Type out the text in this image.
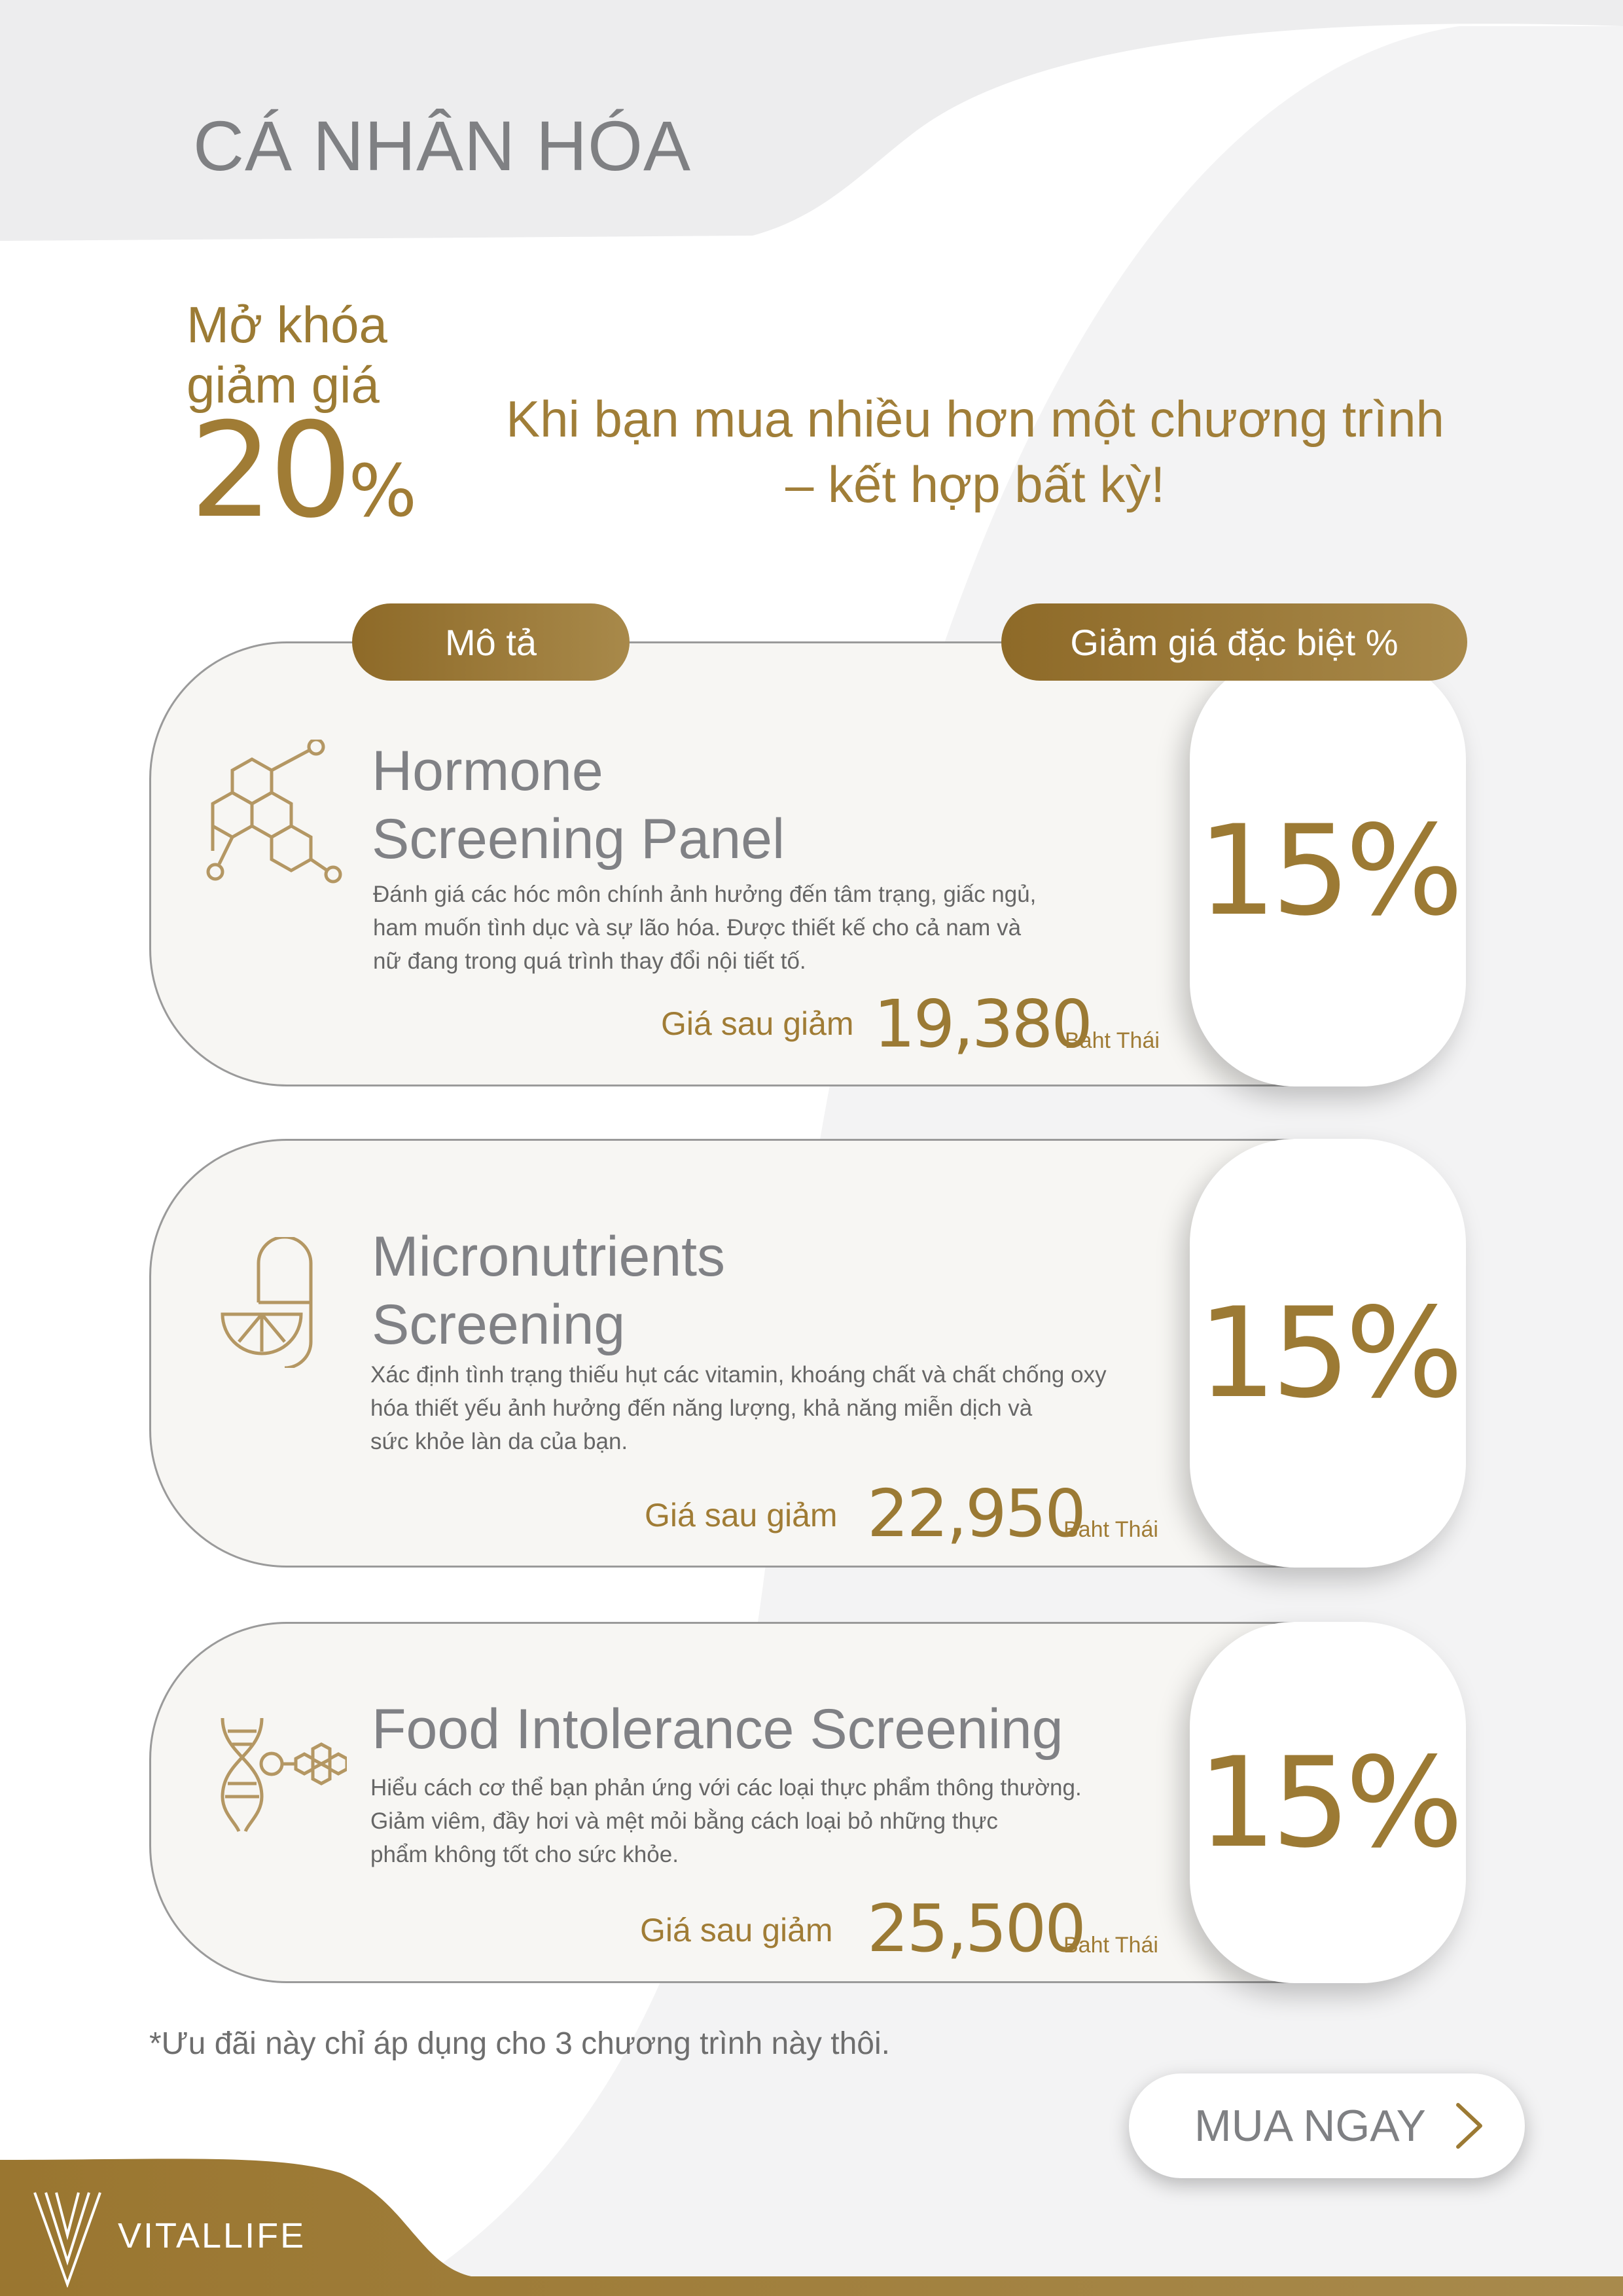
CÁ NHÂN HÓA
Mở khóa
giảm giá
20%
Khi bạn mua nhiều hơn một chương trình
– kết hợp bất kỳ!
Mô tả	Giảm giá đặc biệt %
15%
Hormone
Screening Panel
Đánh giá các hóc môn chính ảnh hưởng đến tâm trạng, giấc ngủ,
ham muốn tình dục và sự lão hóa. Được thiết kế cho cả nam và
nữ đang trong quá trình thay đổi nội tiết tố.
Giá sau giảm 19,380
Baht Thái
15%
Micronutrients
Screening
Xác định tình trạng thiếu hụt các vitamin, khoáng chất và chất chống oxy
hóa thiết yếu ảnh hưởng đến năng lượng, khả năng miễn dịch và
sức khỏe làn da của bạn.
Giá sau giảm 22,950
Baht Thái
15%
Food Intolerance Screening
Hiểu cách cơ thể bạn phản ứng với các loại thực phẩm thông thường.
Giảm viêm, đầy hơi và mệt mỏi bằng cách loại bỏ những thực
phẩm không tốt cho sức khỏe.
Giá sau giảm 25,500
Baht Thái
*Ưu đãi này chỉ áp dụng cho 3 chương trình này thôi.
MUA NGAY
VITALLIFE
